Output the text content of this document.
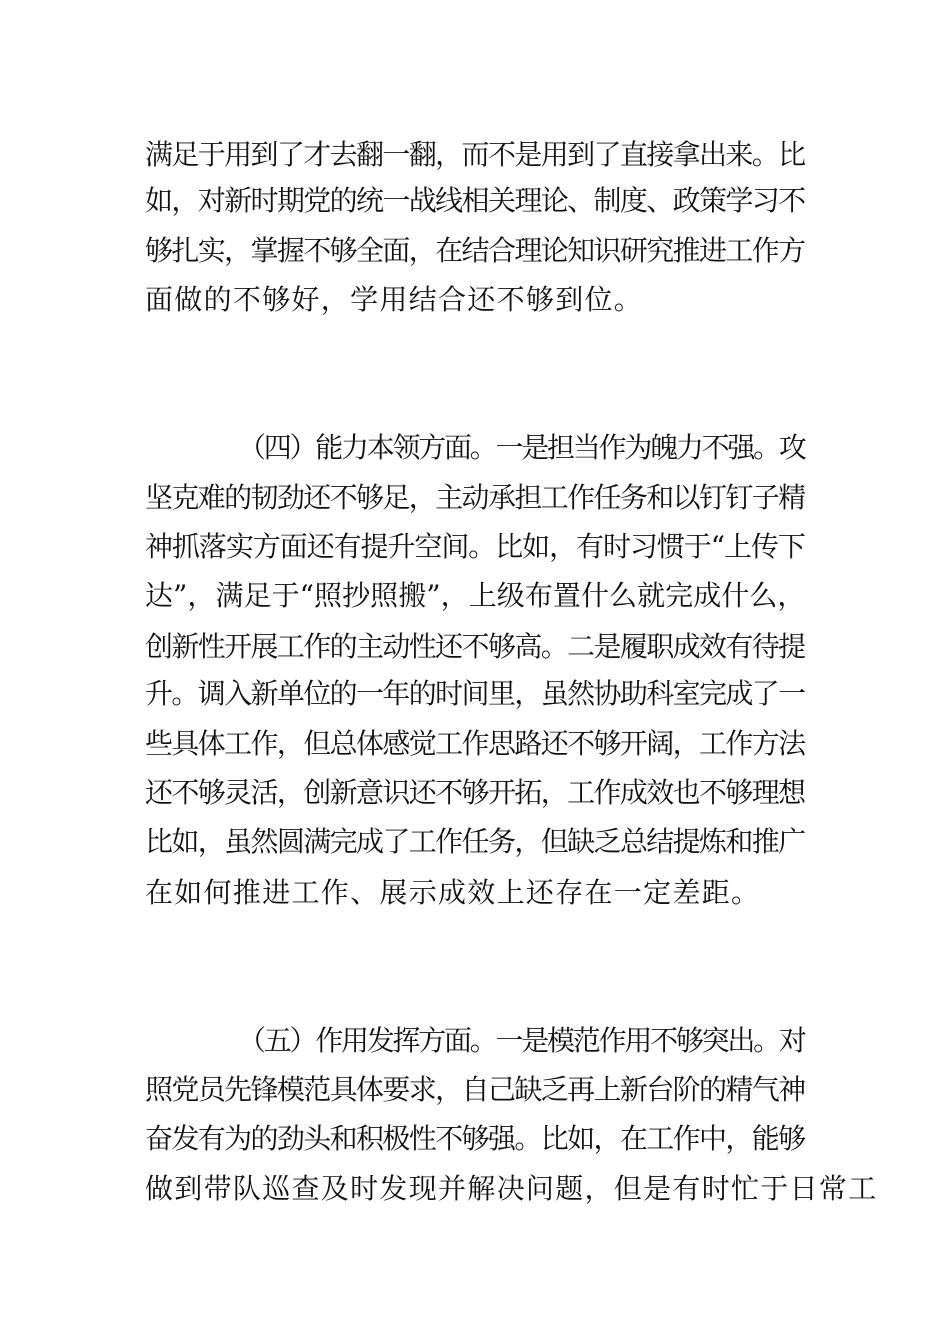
满足于用到了才去翻一翻，而不是用到了直接拿出来。比
如，对新时期党的统一战线相关理论、制度、政策学习不
够扎实，掌握不够全面，在结合理论知识研究推进工作方
面做的不够好，学用结合还不够到位。
（四）能力本领方面。一是担当作为魄力不强。攻
坚克难的韧劲还不够足，主动承担工作任务和以钉钉子精
神抓落实方面还有提升空间。比如，有时习惯于“上传下
达”，满足于“照抄照搬”，上级布置什么就完成什么，
创新性开展工作的主动性还不够高。二是履职成效有待提
升。调入新单位的一年的时间里，虽然协助科室完成了一
些具体工作，但总体感觉工作思路还不够开阔，工作方法
还不够灵活，创新意识还不够开拓，工作成效也不够理想
比如，虽然圆满完成了工作任务，但缺乏总结提炼和推广
在如何推进工作、展示成效上还存在一定差距。
（五）作用发挥方面。一是模范作用不够突出。对
照党员先锋模范具体要求，自己缺乏再上新台阶的精气神
奋发有为的劲头和积极性不够强。比如，在工作中，能够
做到带队巡查及时发现并解决问题，但是有时忙于日常工
